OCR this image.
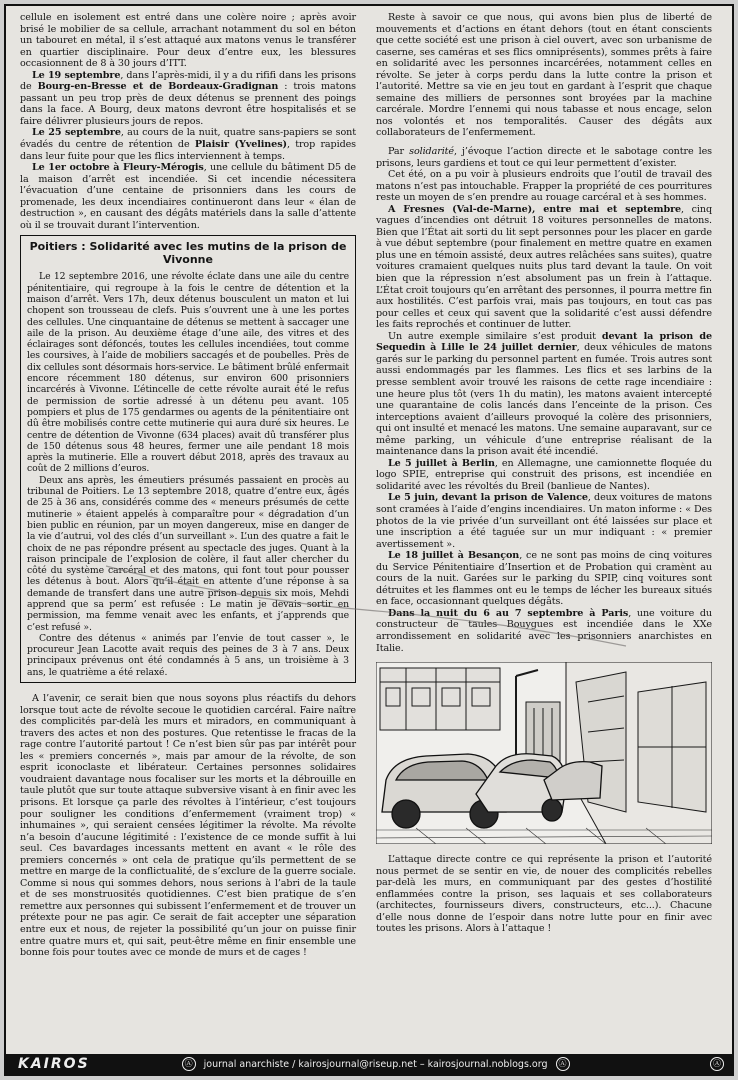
cellule en isolement est entré dans une colère noire ; après avoir brisé le mobilier de sa cellule, arrachant notamment du sol en béton un tabouret en métal, il s’est attaqué aux matons venus le transférer en quartier disciplinaire. Pour deux d’entre eux, les blessures occasionnent de 8 à 30 jours d’ITT.

Le 19 septembre, dans l’après-midi, il y a du rififi dans les prisons de Bourg-en-Bresse et de Bordeaux-Gradignan : trois matons passant un peu trop près de deux détenus se prennent des poings dans la face. A Bourg, deux matons devront être hospitalisés et se faire délivrer plusieurs jours de repos.

Le 25 septembre, au cours de la nuit, quatre sans-papiers se sont évadés du centre de rétention de Plaisir (Yvelines), trop rapides dans leur fuite pour que les flics interviennent à temps.

Le 1er octobre à Fleury-Mérogis, une cellule du bâtiment D5 de la maison d’arrêt est incendiée. Si cet incendie nécessitera l’évacuation d’une centaine de prisonniers dans les cours de promenade, les deux incendiaires continueront dans leur « élan de destruction », en causant des dégâts matériels dans la salle d’attente où il se trouvait durant l’intervention.

Poitiers : Solidarité avec les mutins de la prison de Vivonne

Le 12 septembre 2016, une révolte éclate dans une aile du centre pénitentiaire, qui regroupe à la fois le centre de détention et la maison d’arrêt. Vers 17h, deux détenus bousculent un maton et lui chopent son trousseau de clefs. Puis s’ouvrent une à une les portes des cellules. Une cinquantaine de détenus se mettent à saccager une aile de la prison. Au deuxième étage d’une aile, des vitres et des éclairages sont défoncés, toutes les cellules incendiées, tout comme les coursives, à l’aide de mobiliers saccagés et de poubelles. Près de dix cellules sont désormais hors-service. Le bâtiment brûlé enfermait encore récemment 180 détenus, sur environ 600 prisonniers incarcérés à Vivonne. L’étincelle de cette révolte aurait été le refus de permission de sortie adressé à un détenu peu avant. 105 pompiers et plus de 175 gendarmes ou agents de la pénitentiaire ont dû être mobilisés contre cette mutinerie qui aura duré six heures. Le centre de détention de Vivonne (634 places) avait dû transférer plus de 150 détenus sous 48 heures, fermer une aile pendant 18 mois après la mutinerie. Elle a rouvert début 2018, après des travaux au coût de 2 millions d’euros.

Deux ans après, les émeutiers présumés passaient en procès au tribunal de Poitiers. Le 13 septembre 2018, quatre d’entre eux, âgés de 25 à 36 ans, considérés comme des « meneurs présumés de cette mutinerie » étaient appelés à comparaître pour « dégradation d’un bien public en réunion, par un moyen dangereux, mise en danger de la vie d’autrui, vol des clés d’un surveillant ». L’un des quatre a fait le choix de ne pas répondre présent au spectacle des juges. Quant à la raison principale de l’explosion de colère, il faut aller chercher du côté du système carcéral et des matons, qui font tout pour pousser les détenus à bout. Alors qu’il était en attente d’une réponse à sa demande de transfert dans une autre prison depuis six mois, Mehdi apprend que sa perm’ est refusée : Le matin je devais sortir en permission, ma femme venait avec les enfants, et j’apprends que c’est refusé ».

Contre des détenus « animés par l’envie de tout casser », le procureur Jean Lacotte avait requis des peines de 3 à 7 ans. Deux principaux prévenus ont été condamnés à 5 ans, un troisième à 3 ans, le quatrième a été relaxé.

A l’avenir, ce serait bien que nous soyons plus réactifs du dehors lorsque tout acte de révolte secoue le quotidien carcéral. Faire naître des complicités par-delà les murs et miradors, en communiquant à travers des actes et non des postures. Que retentisse le fracas de la rage contre l’autorité partout ! Ce n’est bien sûr pas par intérêt pour les « premiers concernés », mais par amour de la révolte, de son esprit iconoclaste et libérateur. Certaines personnes solidaires voudraient davantage nous focaliser sur les morts et la débrouille en taule plutôt que sur toute attaque subversive visant à en finir avec les prisons. Et lorsque ça parle des révoltes à l’intérieur, c’est toujours pour souligner les conditions d’enfermement (vraiment trop) « inhumaines », qui seraient censées légitimer la révolte. Ma révolte n’a besoin d’aucune légitimité : l’existence de ce monde suffit à lui seul. Ces bavardages incessants mettent en avant « le rôle des premiers concernés » ont cela de pratique qu’ils permettent de se mettre en marge de la conflictualité, de s’exclure de la guerre sociale. Comme si nous qui sommes dehors, nous serions à l’abri de la taule et de ses monstruosités quotidiennes. C’est bien pratique de s’en remettre aux personnes qui subissent l’enfermement et de trouver un prétexte pour ne pas agir. Ce serait de fait accepter une séparation entre eux et nous, de rejeter la possibilité qu’un jour on puisse finir entre quatre murs et, qui sait, peut-être même en finir ensemble une bonne fois pour toutes avec ce monde de murs et de cages !

Reste à savoir ce que nous, qui avons bien plus de liberté de mouvements et d’actions en étant dehors (tout en étant conscients que cette société est une prison à ciel ouvert, avec son urbanisme de caserne, ses caméras et ses flics omniprésents), sommes prêts à faire en solidarité avec les personnes incarcérées, notamment celles en révolte. Se jeter à corps perdu dans la lutte contre la prison et l’autorité. Mettre sa vie en jeu tout en gardant à l’esprit que chaque semaine des milliers de personnes sont broyées par la machine carcérale. Mordre l’ennemi qui nous tabasse et nous encage, selon nos volontés et nos temporalités. Causer des dégâts aux collaborateurs de l’enfermement.

Par solidarité, j’évoque l’action directe et le sabotage contre les prisons, leurs gardiens et tout ce qui leur permettent d’exister.

Cet été, on a pu voir à plusieurs endroits que l’outil de travail des matons n’est pas intouchable. Frapper la propriété de ces pourritures reste un moyen de s’en prendre au rouage carcéral et à ses hommes.

A Fresnes (Val-de-Marne), entre mai et septembre, cinq vagues d’incendies ont détruit 18 voitures personnelles de matons. Bien que l’État ait sorti du lit sept personnes pour les placer en garde à vue début septembre (pour finalement en mettre quatre en examen plus une en témoin assisté, deux autres relâchées sans suites), quatre voitures cramaient quelques nuits plus tard devant la taule. On voit bien que la répression n’est absolument pas un frein à l’attaque. L’État croit toujours qu’en arrêtant des personnes, il pourra mettre fin aux hostilités. C’est parfois vrai, mais pas toujours, en tout cas pas pour celles et ceux qui savent que la solidarité c’est aussi défendre les faits reprochés et continuer de lutter.

Un autre exemple similaire s’est produit devant la prison de Sequedin à Lille le 24 juillet dernier, deux véhicules de matons garés sur le parking du personnel partent en fumée. Trois autres sont aussi endommagés par les flammes. Les flics et ses larbins de la presse semblent avoir trouvé les raisons de cette rage incendiaire : une heure plus tôt (vers 1h du matin), les matons avaient intercepté une quarantaine de colis lancés dans l’enceinte de la prison. Ces interceptions avaient d’ailleurs provoqué la colère des prisonniers, qui ont insulté et menacé les matons. Une semaine auparavant, sur ce même parking, un véhicule d’une entreprise réalisant de la maintenance dans la prison avait été incendié.

Le 5 juillet à Berlin, en Allemagne, une camionnette floquée du logo SPIE, entreprise qui construit des prisons, est incendiée en solidarité avec les révoltés du Breil (banlieue de Nantes).

Le 5 juin, devant la prison de Valence, deux voitures de matons sont cramées à l’aide d’engins incendiaires. Un maton informe : « Des photos de la vie privée d’un surveillant ont été laissées sur place et une inscription a été taguée sur un mur indiquant : « premier avertissement ».

Le 18 juillet à Besançon, ce ne sont pas moins de cinq voitures du Service Pénitentiaire d’Insertion et de Probation qui cramènt au cours de la nuit. Garées sur le parking du SPIP, cinq voitures sont détruites et les flammes ont eu le temps de lécher les bureaux situés en face, occasionnant quelques dégâts.

Dans la nuit du 6 au 7 septembre à Paris, une voiture du constructeur de taules Bouygues est incendiée dans le XXe arrondissement en solidarité avec les prisonniers anarchistes en Italie.

L’attaque directe contre ce qui représente la prison et l’autorité nous permet de se sentir en vie, de nouer des complicités rebelles par-delà les murs, en communiquant par des gestes d’hostilité enflammées contre la prison, ses laquais et ses collaborateurs (architectes, fournisseurs divers, constructeurs, etc...). Chacune d’elle nous donne de l’espoir dans notre lutte pour en finir avec toutes les prisons. Alors à l’attaque !

KAIROS	Ⓐ	journal anarchiste / kairosjournal@riseup.net – kairosjournal.noblogs.org	Ⓐ	Ⓐ
